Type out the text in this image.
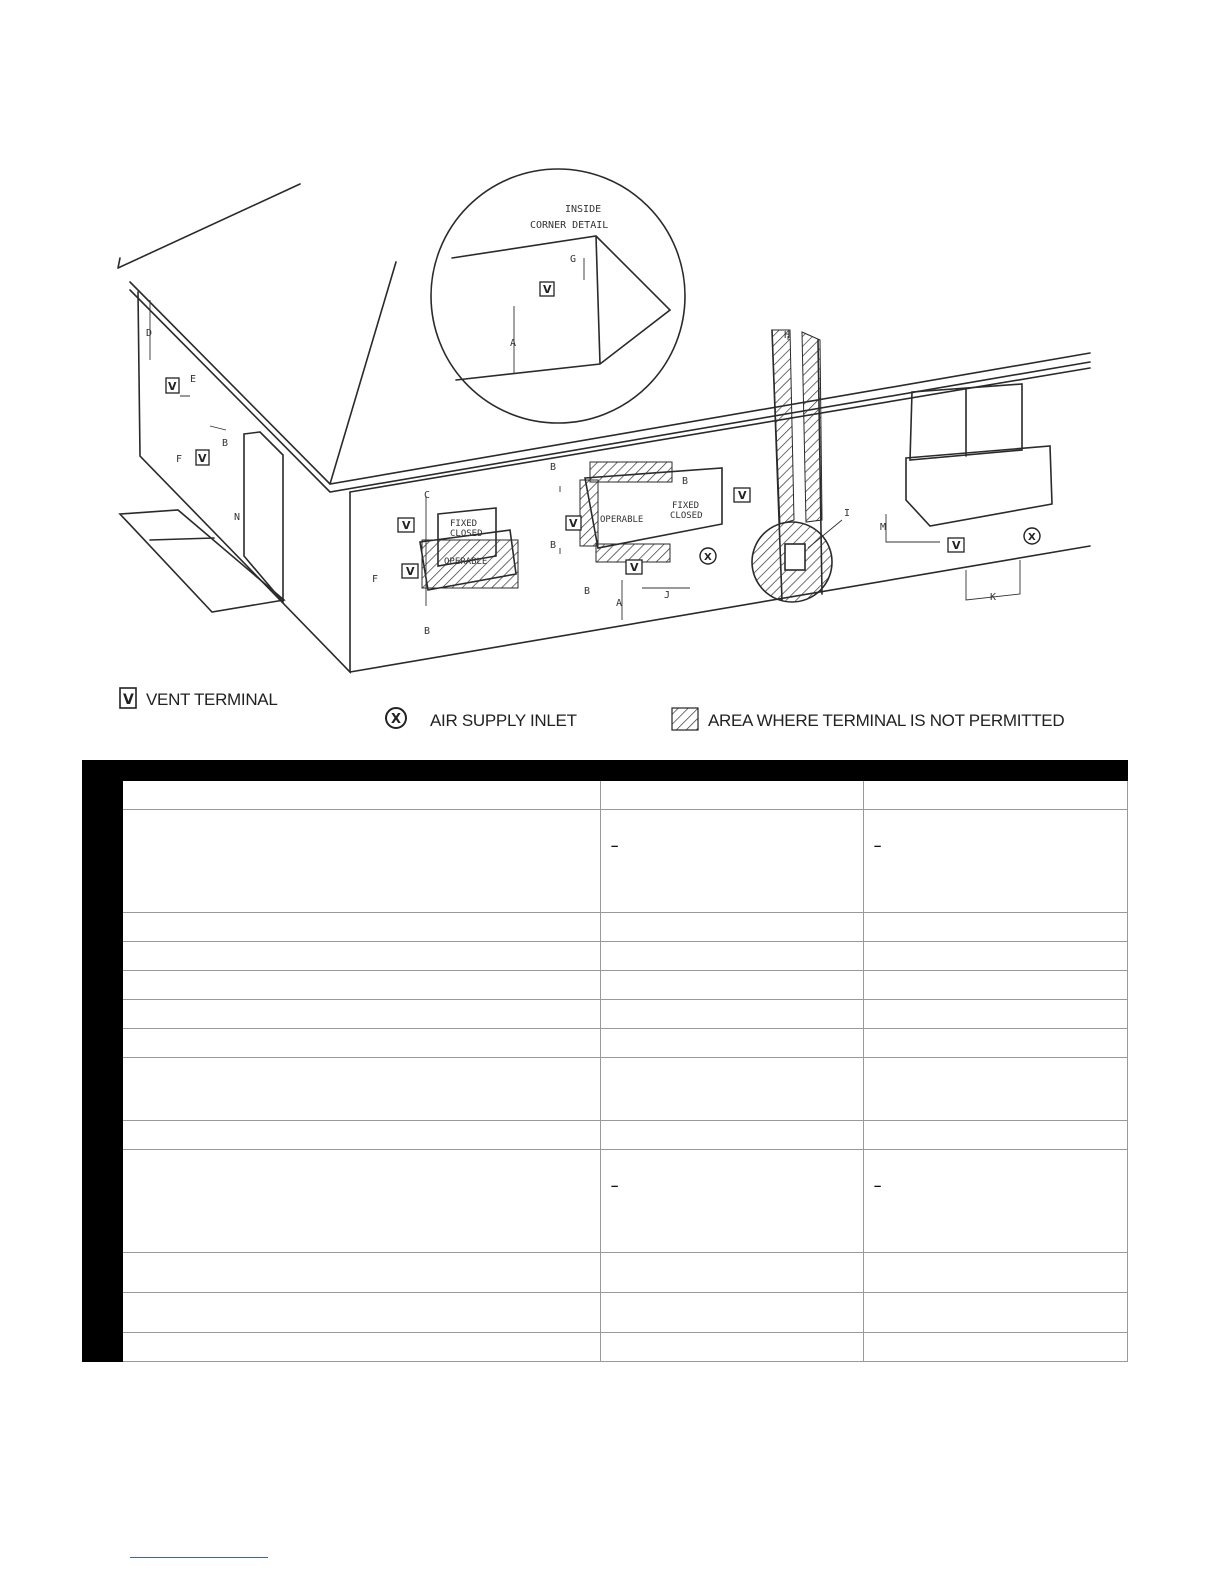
FIXED
CLOSED
OPERABLE
OPERABLE
FIXED
CLOSED
INSIDE
CORNER DETAIL
V
V
V
V
V
V
V
V
V
X
X
A
G
D
E
B
F
N
C
F
B
B
B
B
B
A
J
H
I
M
K
V VENT TERMINAL
X AIR SUPPLY INLET	AREA WHERE TERMINAL IS NOT PERMITTED

		–	–

		–	–
